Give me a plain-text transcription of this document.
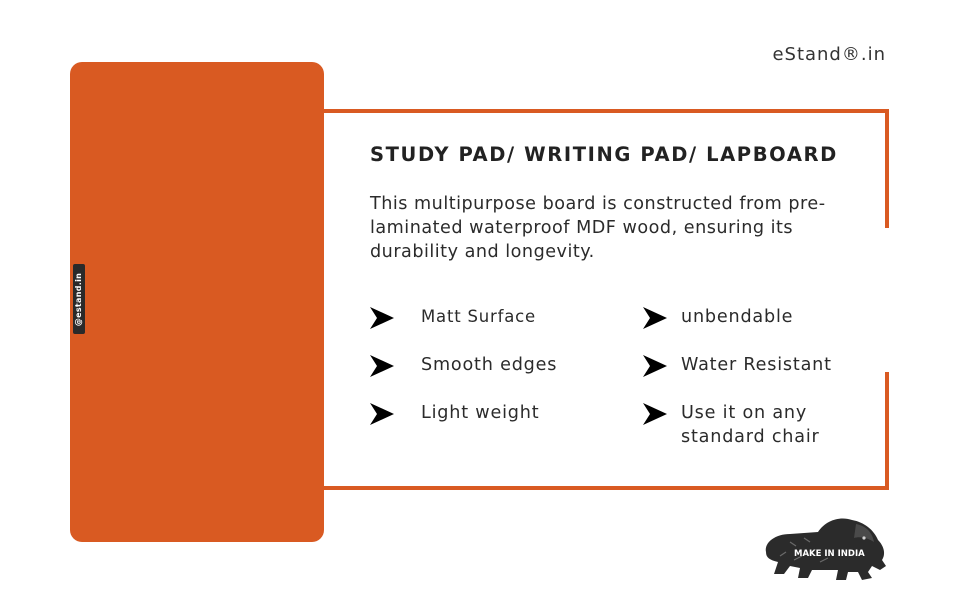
eStand®.in
@estand.in
STUDY PAD/ WRITING PAD/ LAPBOARD

This multipurpose board is constructed from pre-laminated waterproof MDF wood, ensuring its durability and longevity.

Matt Surface
Smooth edges
Light weight
unbendable
Water Resistant
Use it on any standard chair
MAKE IN INDIA
